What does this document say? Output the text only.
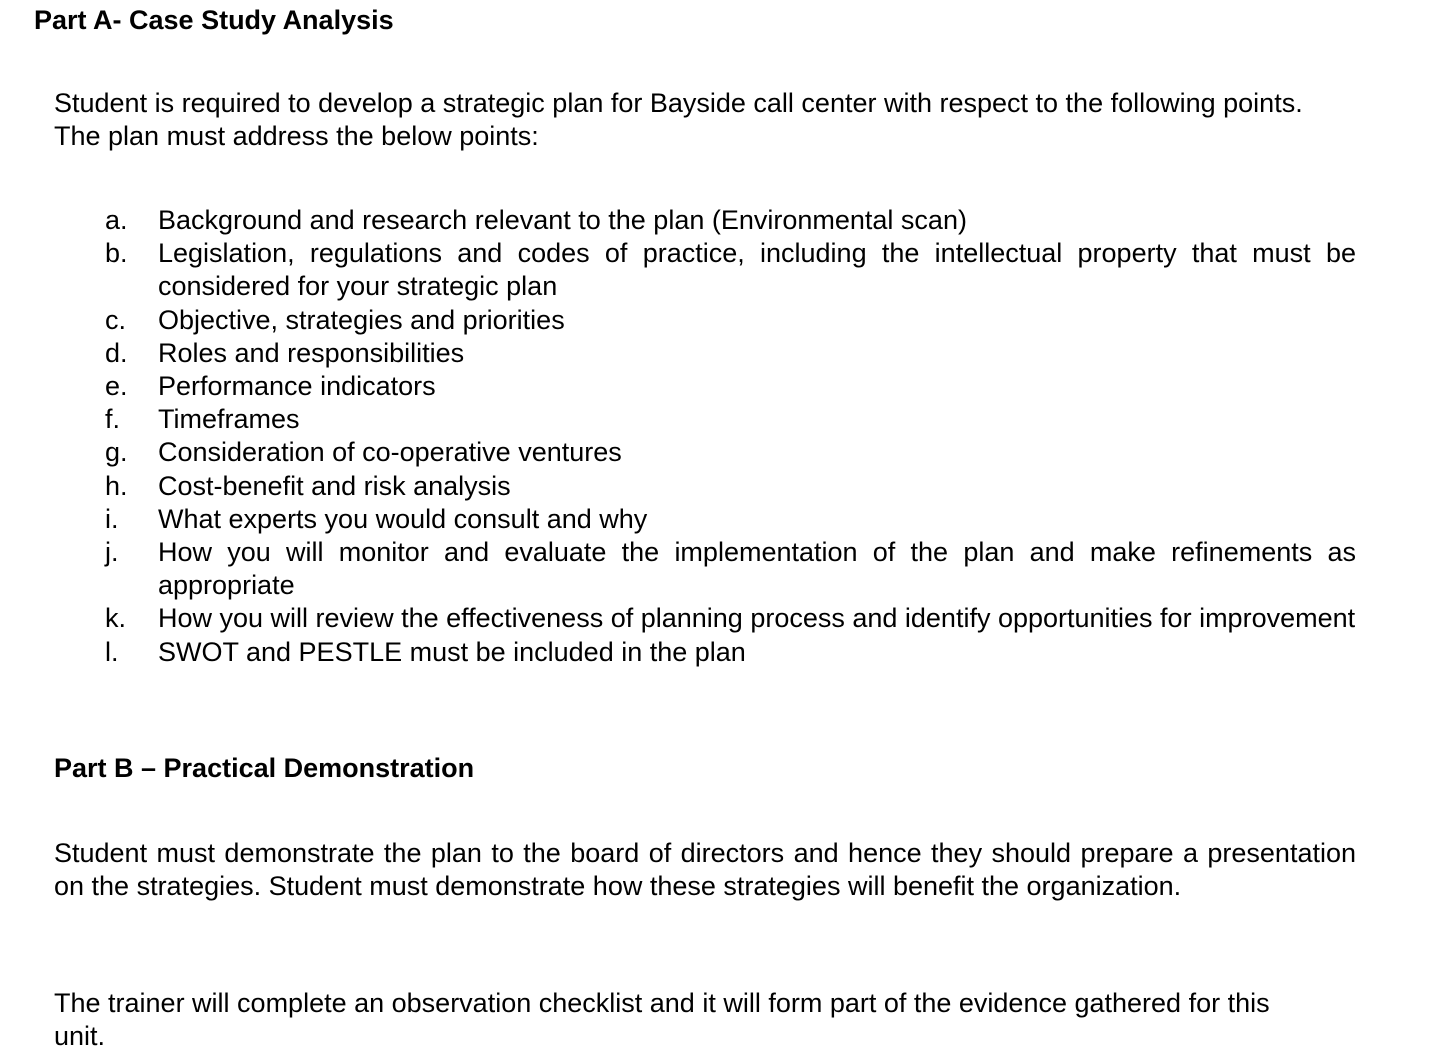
Part A- Case Study Analysis

Student is required to develop a strategic plan for Bayside call center with respect to the following points. The plan must address the below points:

a.	Background and research relevant to the plan (Environmental scan)
b.	Legislation, regulations and codes of practice, including the intellectual property that must be considered for your strategic plan
c.	Objective, strategies and priorities
d.	Roles and responsibilities
e.	Performance indicators
f.	Timeframes
g.	Consideration of co-operative ventures
h.	Cost-benefit and risk analysis
i.	What experts you would consult and why
j.	How you will monitor and evaluate the implementation of the plan and make refinements as appropriate
k.	How you will review the effectiveness of planning process and identify opportunities for improvement
l.	SWOT and PESTLE must be included in the plan
Part B – Practical Demonstration

Student must demonstrate the plan to the board of directors and hence they should prepare a presentation on the strategies. Student must demonstrate how these strategies will benefit the organization.

The trainer will complete an observation checklist and it will form part of the evidence gathered for this unit.
